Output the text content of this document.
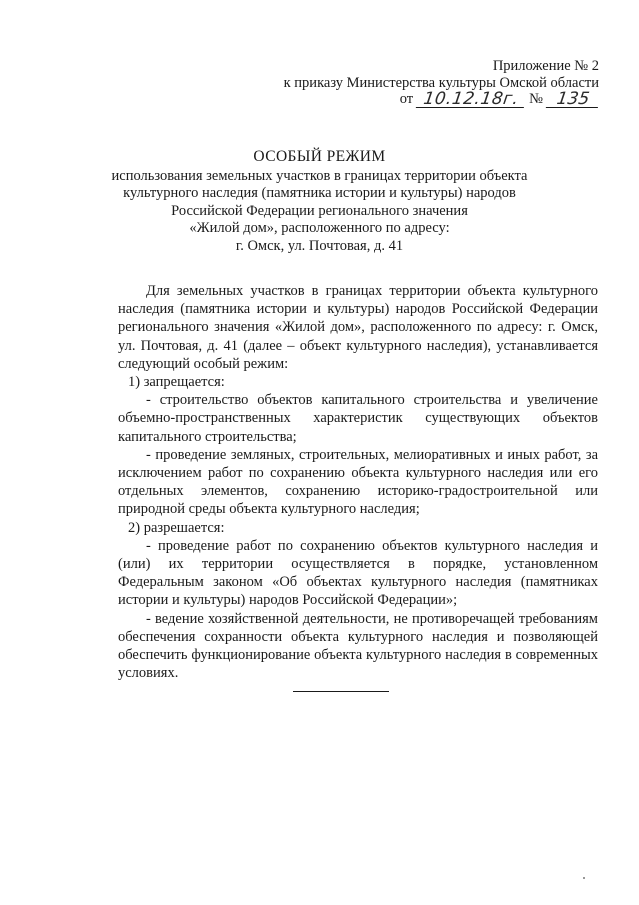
Приложение № 2
к приказу Министерства культуры Омской области
от 10.12.18г. № 135
ОСОБЫЙ РЕЖИМ
использования земельных участков в границах территории объекта
культурного наследия (памятника истории и культуры) народов
Российской Федерации регионального значения
«Жилой дом», расположенного по адресу:
г. Омск, ул. Почтовая, д. 41

Для земельных участков в границах территории объекта культурного наследия (памятника истории и культуры) народов Российской Федерации регионального значения «Жилой дом», расположенного по адресу: г. Омск, ул. Почтовая, д. 41 (далее – объект культурного наследия), устанавливается следующий особый режим:

1) запрещается:

- строительство объектов капитального строительства и увеличение объемно-пространственных характеристик существующих объектов капитального строительства;

- проведение земляных, строительных, мелиоративных и иных работ, за исключением работ по сохранению объекта культурного наследия или его отдельных элементов, сохранению историко-градостроительной или природной среды объекта культурного наследия;

2) разрешается:

- проведение работ по сохранению объектов культурного наследия и (или) их территории осуществляется в порядке, установленном Федеральным законом «Об объектах культурного наследия (памятниках истории и культуры) народов Российской Федерации»;

- ведение хозяйственной деятельности, не противоречащей требованиям обеспечения сохранности объекта культурного наследия и позволяющей обеспечить функционирование объекта культурного наследия в современных условиях.
